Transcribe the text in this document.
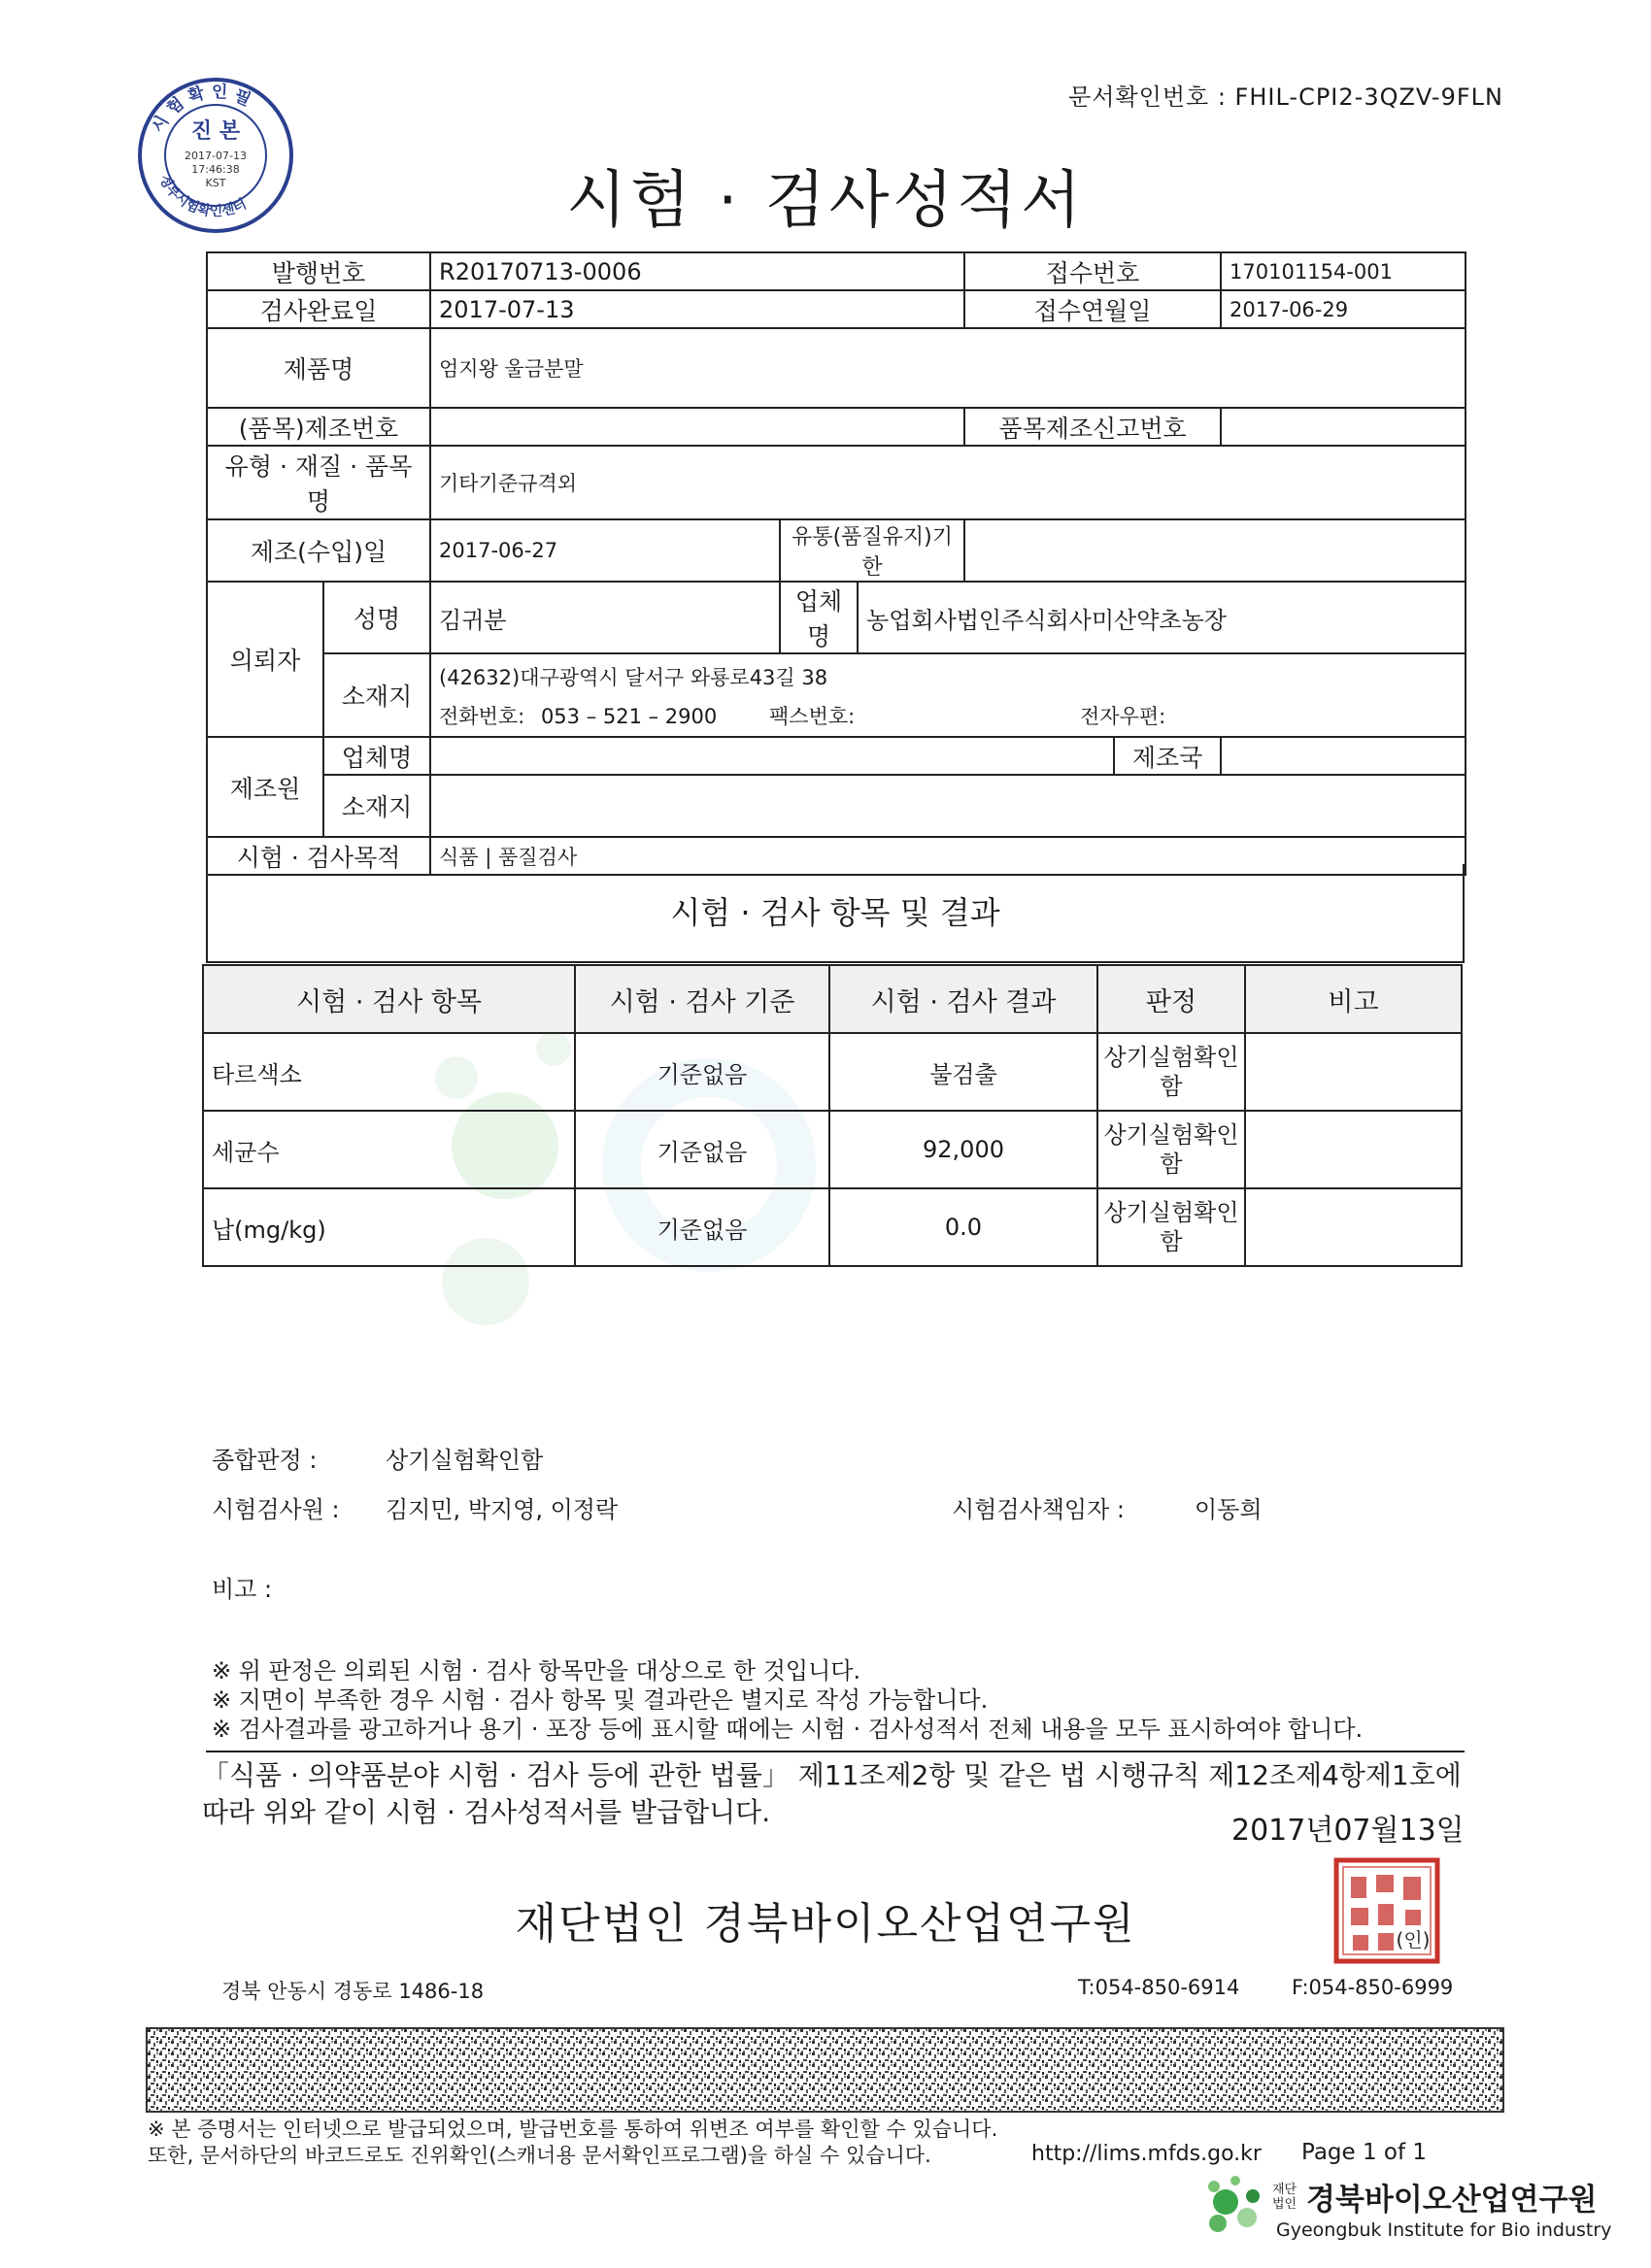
시 험 확 인 필
정부시험확인센터
진 본
2017-07-13
17:46:38
KST
문서확인번호 : FHIL-CPI2-3QZV-9FLN
시험 · 검사성적서
발행번호		R20170713-0006			접수번호		170101154-001
검사완료일		2017-07-13			접수연월일		2017-06-29
제품명		엄지왕 울금분말					
(품목)제조번호					품목제조신고번호		
유형 · 재질 · 품목명		기타기준규격외					
제조(수입)일		2017-06-27	유통(품질유지)기한				
의뢰자	성명	김귀분	업체명	농업회사법인주식회사미산약초농장			
	소재지	(42632)대구광역시 달서구 와룡로43길 38
전화번호: 053 – 521 – 2900 팩스번호: 전자우편:					

제조원	업체명					제조국	
	소재지						
시험 · 검사목적		식품 | 품질검사					
시험 · 검사 항목 및 결과
시험 · 검사 항목	시험 · 검사 기준	시험 · 검사 결과	판정	비고
타르색소	기준없음	불검출	상기실험확인
함	

세균수	기준없음	92,000	상기실험확인
함	

납(mg/kg)	기준없음	0.0	상기실험확인
함	

종합판정 :	상기실험확인함
시험검사원 : 김지민, 박지영, 이정락	시험검사책임자 :	이동희
비고 :
※ 위 판정은 의뢰된 시험 · 검사 항목만을 대상으로 한 것입니다.
※ 지면이 부족한 경우 시험 · 검사 항목 및 결과란은 별지로 작성 가능합니다.
※ 검사결과를 광고하거나 용기 · 포장 등에 표시할 때에는 시험 · 검사성적서 전체 내용을 모두 표시하여야 합니다.
「식품 · 의약품분야 시험 · 검사 등에 관한 법률」 제11조제2항 및 같은 법 시행규칙 제12조제4항제1호에
따라 위와 같이 시험 · 검사성적서를 발급합니다.
2017년07월13일
재단법인 경북바이오산업연구원	(인)
경북 안동시 경동로 1486-18	T:054-850-6914	F:054-850-6999
※ 본 증명서는 인터넷으로 발급되었으며, 발급번호를 통하여 위변조 여부를 확인할 수 있습니다.
또한, 문서하단의 바코드로도 진위확인(스캐너용 문서확인프로그램)을 하실 수 있습니다.	http://lims.mfds.go.kr Page 1 of 1
재단 법인 경북바이오산업연구원
Gyeongbuk Institute for Bio industry
